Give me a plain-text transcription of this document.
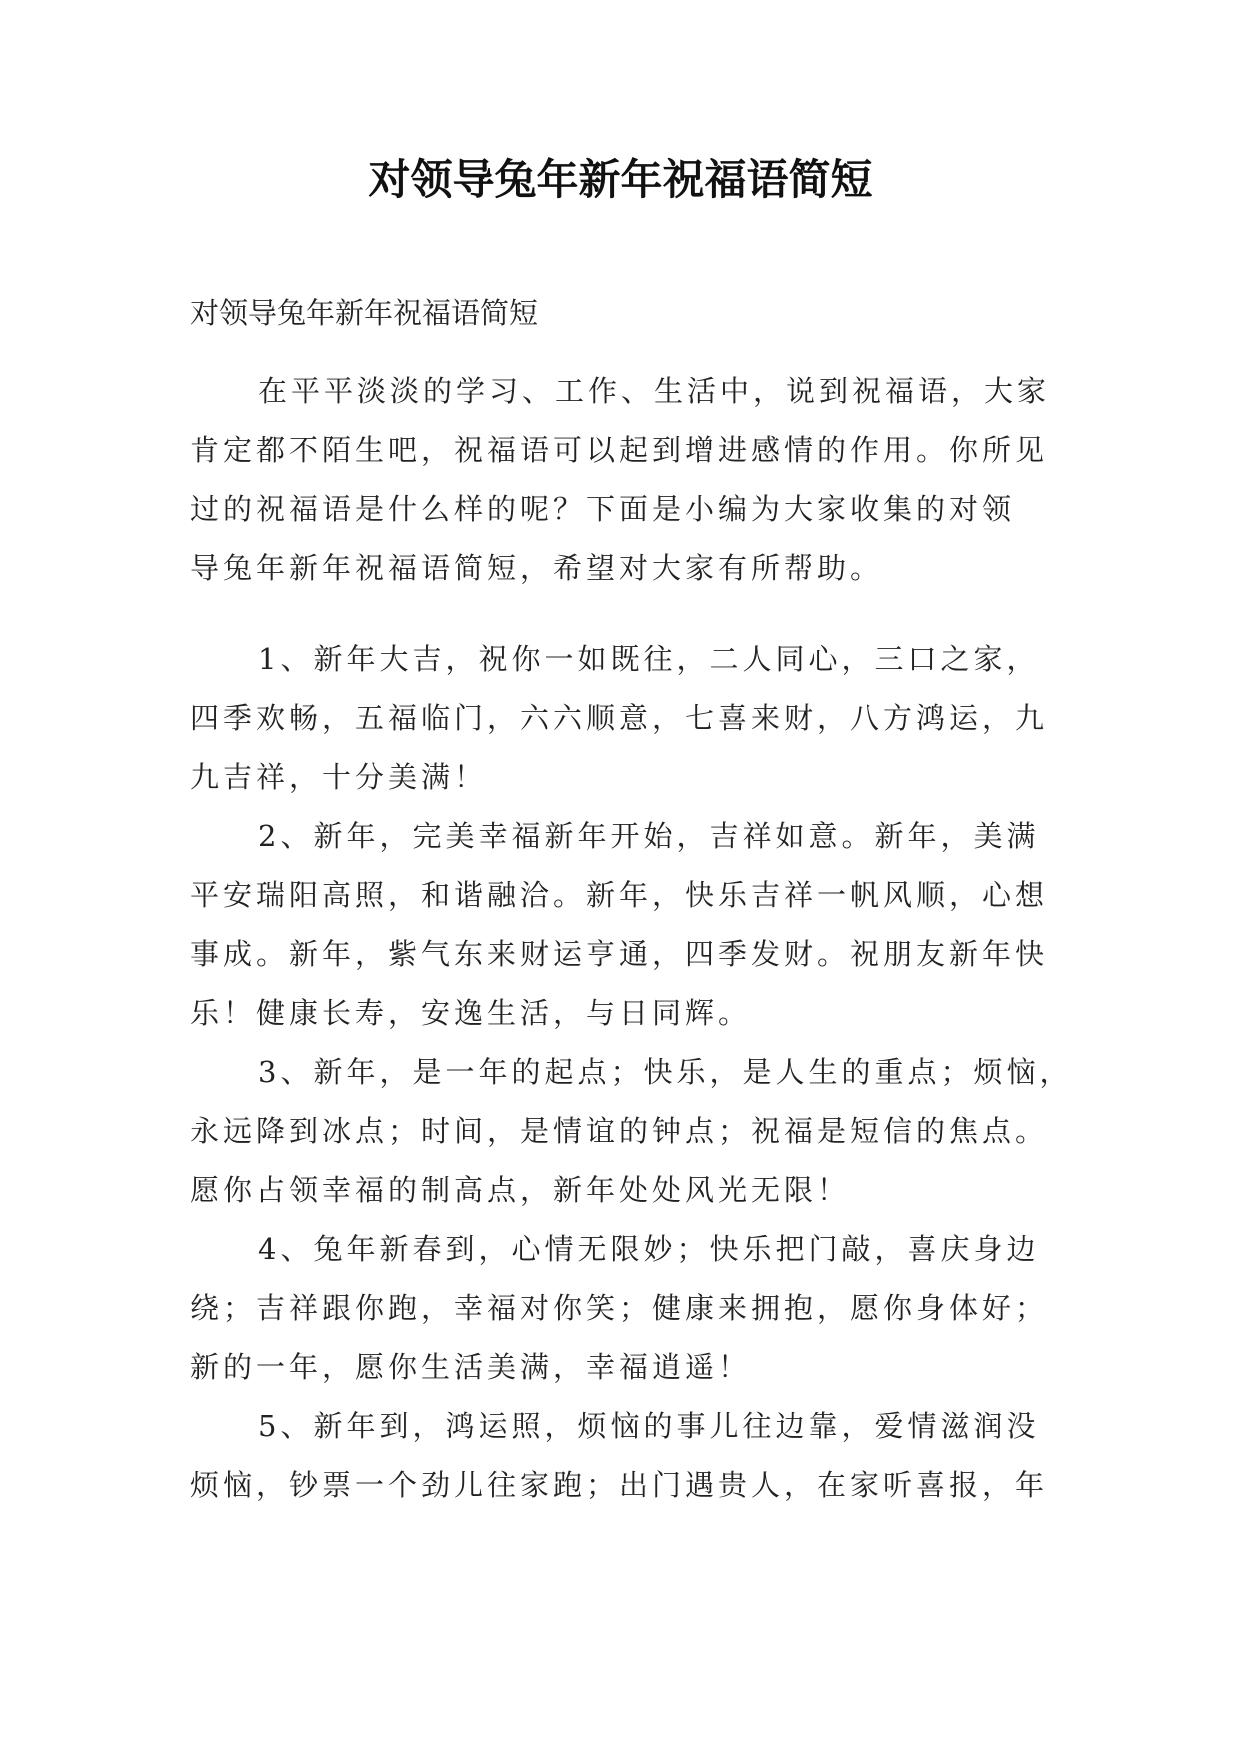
对领导兔年新年祝福语简短

对领导兔年新年祝福语简短

在平平淡淡的学习、工作、生活中，说到祝福语，大家
肯定都不陌生吧，祝福语可以起到增进感情的作用。你所见
过的祝福语是什么样的呢？下面是小编为大家收集的对领
导兔年新年祝福语简短，希望对大家有所帮助。

1、新年大吉，祝你一如既往，二人同心，三口之家，
四季欢畅，五福临门，六六顺意，七喜来财，八方鸿运，九
九吉祥，十分美满！

2、新年，完美幸福新年开始，吉祥如意。新年，美满
平安瑞阳高照，和谐融洽。新年，快乐吉祥一帆风顺，心想
事成。新年，紫气东来财运亨通，四季发财。祝朋友新年快
乐！健康长寿，安逸生活，与日同辉。

3、新年，是一年的起点；快乐，是人生的重点；烦恼，
永远降到冰点；时间，是情谊的钟点；祝福是短信的焦点。
愿你占领幸福的制高点，新年处处风光无限！

4、兔年新春到，心情无限妙；快乐把门敲，喜庆身边
绕；吉祥跟你跑，幸福对你笑；健康来拥抱，愿你身体好；
新的一年，愿你生活美满，幸福逍遥！

5、新年到，鸿运照，烦恼的事儿往边靠，爱情滋润没
烦恼，钞票一个劲儿往家跑；出门遇贵人，在家听喜报，年
